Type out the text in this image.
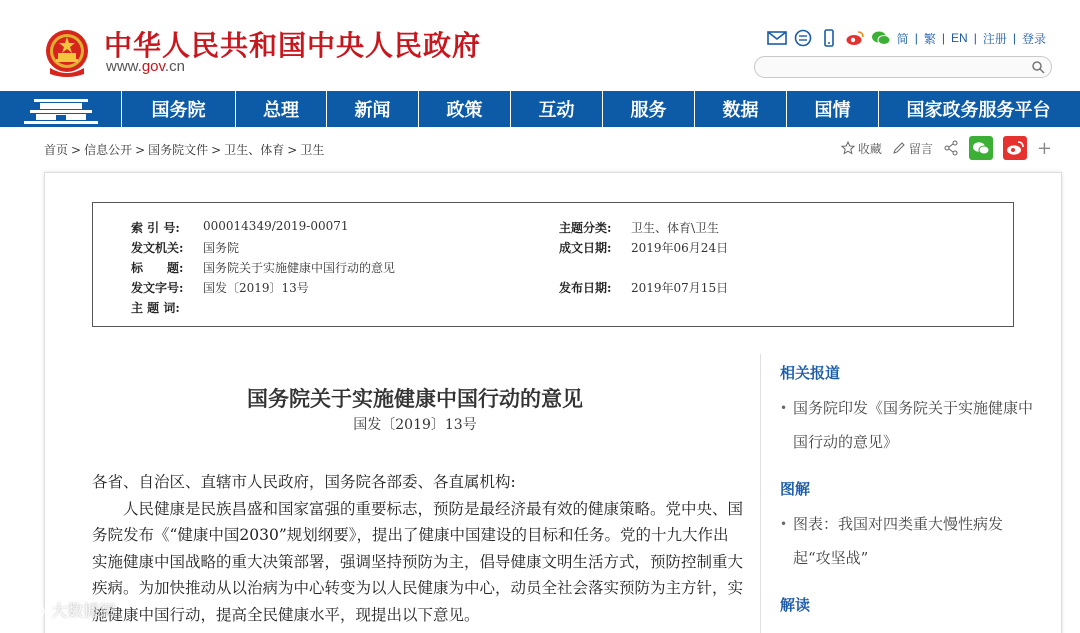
中华人民共和国中央人民政府
www.gov.cn
简 | 繁 | EN | 注册 | 登录
国务院	总理	新闻	政策	互动	服务	数据	国情	国家政务服务平台
首页 > 信息公开 > 国务院文件 > 卫生、体育 > 卫生	收藏 留言	+
索 引 号:	000014349/2019-00071	主题分类:	卫生、体育\卫生
发文机关:	国务院	成文日期:	2019年06月24日
标　　题:	国务院关于实施健康中国行动的意见
发文字号:	国发〔2019〕13号	发布日期:	2019年07月15日
主 题 词:
国务院关于实施健康中国行动的意见
国发〔2019〕13号

各省、自治区、直辖市人民政府，国务院各部委、各直属机构:

人民健康是民族昌盛和国家富强的重要标志，预防是最经济最有效的健康策略。党中央、国务院发布《“健康中国2030”规划纲要》，提出了健康中国建设的目标和任务。党的十九大作出实施健康中国战略的重大决策部署，强调坚持预防为主，倡导健康文明生活方式，预防控制重大疾病。为加快推动从以治病为中心转变为以人民健康为中心，动员全社会落实预防为主方针，实施健康中国行动，提高全民健康水平，现提出以下意见。

相关报道
• 国务院印发《国务院关于实施健康中国行动的意见》
图解
• 图表：我国对四类重大慢性病发起“攻坚战”
解读
大数據網
